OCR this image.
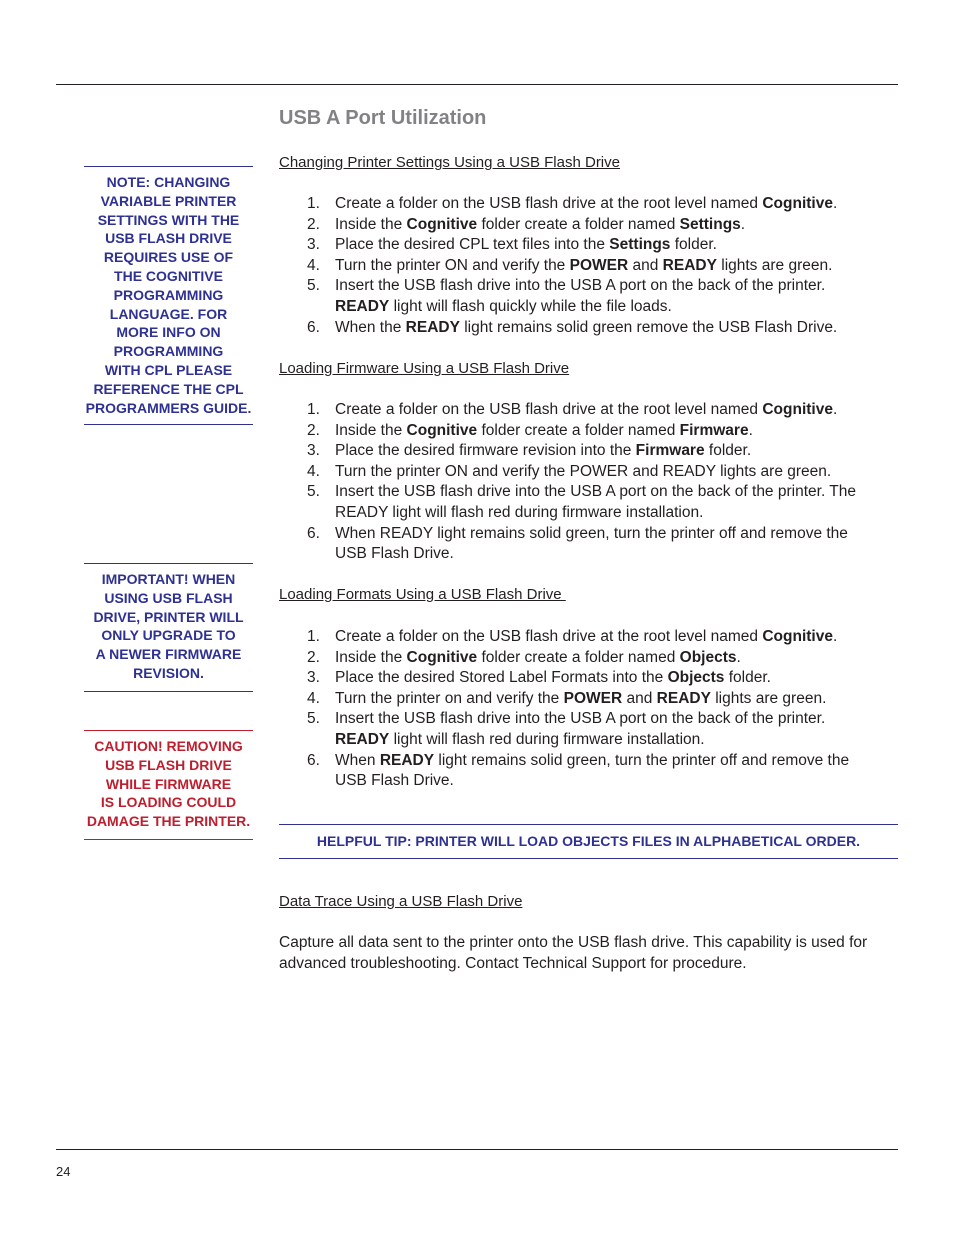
USB A Port Utilization
NOTE: CHANGING
VARIABLE PRINTER
SETTINGS WITH THE
USB FLASH DRIVE
REQUIRES USE OF
THE COGNITIVE
PROGRAMMING
LANGUAGE. FOR
MORE INFO ON
PROGRAMMING
WITH CPL PLEASE
REFERENCE THE CPL
PROGRAMMERS GUIDE.
IMPORTANT! WHEN
USING USB FLASH
DRIVE, PRINTER WILL
ONLY UPGRADE TO
A NEWER FIRMWARE
REVISION.
CAUTION! REMOVING
USB FLASH DRIVE
WHILE FIRMWARE
IS LOADING COULD
DAMAGE THE PRINTER.
Changing Printer Settings Using a USB Flash Drive
1. Create a folder on the USB flash drive at the root level named Cognitive.
2. Inside the Cognitive folder create a folder named Settings.
3. Place the desired CPL text files into the Settings folder.
4. Turn the printer ON and verify the POWER and READY lights are green.
5. Insert the USB flash drive into the USB A port on the back of the printer. READY light will flash quickly while the file loads.
6. When the READY light remains solid green remove the USB Flash Drive.
Loading Firmware Using a USB Flash Drive
1. Create a folder on the USB flash drive at the root level named Cognitive.
2. Inside the Cognitive folder create a folder named Firmware.
3. Place the desired firmware revision into the Firmware folder.
4. Turn the printer ON and verify the POWER and READY lights are green.
5. Insert the USB flash drive into the USB A port on the back of the printer. The READY light will flash red during firmware installation.
6. When READY light remains solid green, turn the printer off and remove the USB Flash Drive.
Loading Formats Using a USB Flash Drive
1. Create a folder on the USB flash drive at the root level named Cognitive.
2. Inside the Cognitive folder create a folder named Objects.
3. Place the desired Stored Label Formats into the Objects folder.
4. Turn the printer on and verify the POWER and READY lights are green.
5. Insert the USB flash drive into the USB A port on the back of the printer. READY light will flash red during firmware installation.
6. When READY light remains solid green, turn the printer off and remove the USB Flash Drive.
HELPFUL TIP: PRINTER WILL LOAD OBJECTS FILES IN ALPHABETICAL ORDER.
Data Trace Using a USB Flash Drive

Capture all data sent to the printer onto the USB flash drive. This capability is used for advanced troubleshooting. Contact Technical Support for procedure.

24
